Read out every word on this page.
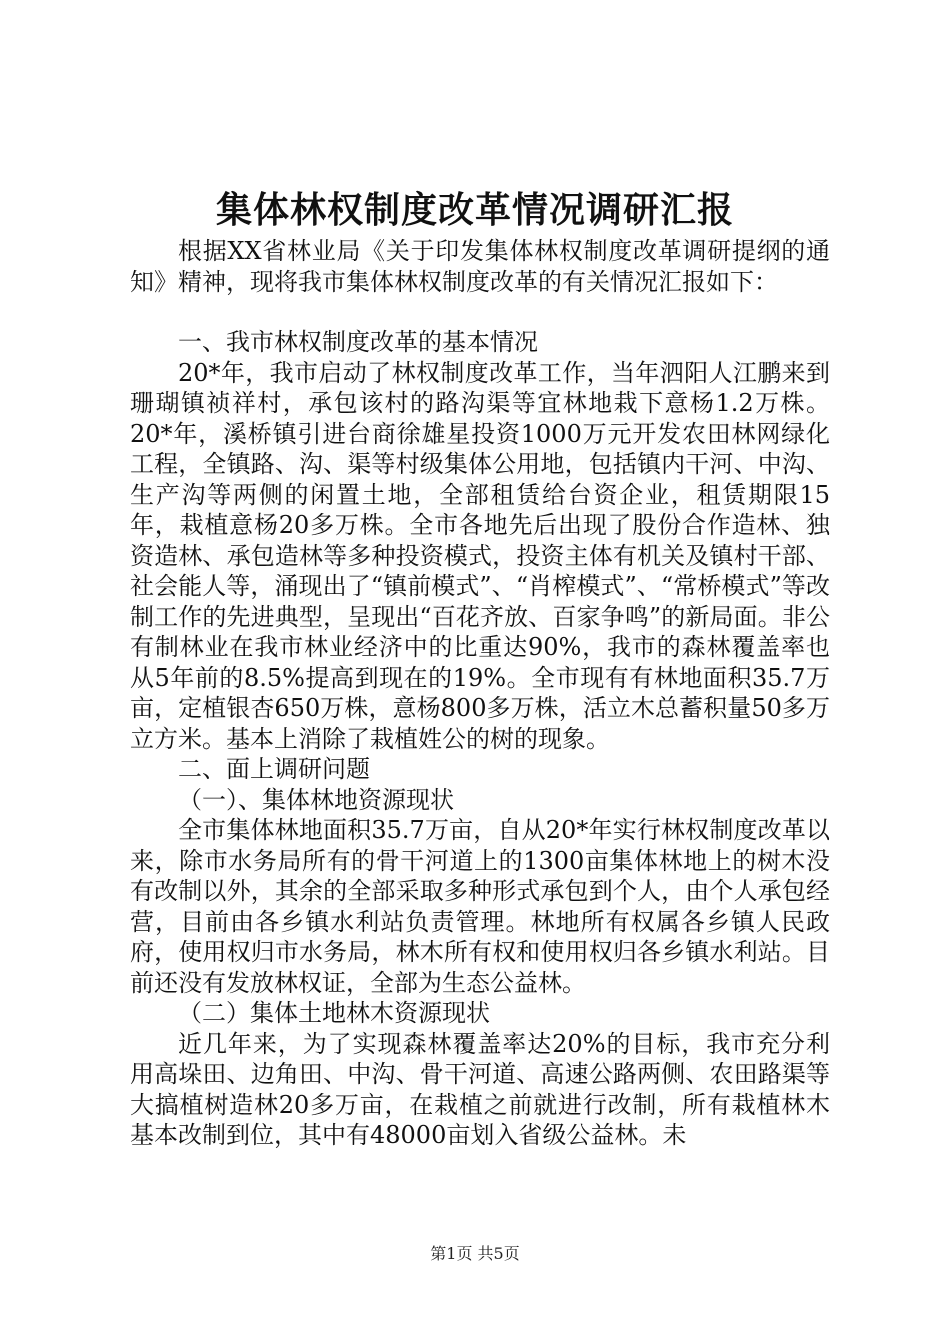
集体林权制度改革情况调研汇报

根据XX省林业局《关于印发集体林权制度改革调研提纲的通知》精神，现将我市集体林权制度改革的有关情况汇报如下：

一、我市林权制度改革的基本情况

20*年，我市启动了林权制度改革工作，当年泗阳人江鹏来到珊瑚镇祯祥村，承包该村的路沟渠等宜林地栽下意杨1.2万株。20*年，溪桥镇引进台商徐雄星投资1000万元开发农田林网绿化工程，全镇路、沟、渠等村级集体公用地，包括镇内干河、中沟、生产沟等两侧的闲置土地，全部租赁给台资企业，租赁期限15年，栽植意杨20多万株。全市各地先后出现了股份合作造林、独资造林、承包造林等多种投资模式，投资主体有机关及镇村干部、社会能人等，涌现出了“镇前模式”、“肖榨模式”、“常桥模式”等改制工作的先进典型，呈现出“百花齐放、百家争鸣”的新局面。非公有制林业在我市林业经济中的比重达90%，我市的森林覆盖率也从5年前的8.5%提高到现在的19%。全市现有有林地面积35.7万亩，定植银杏650万株，意杨800多万株，活立木总蓄积量50多万立方米。基本上消除了栽植姓公的树的现象。

二、面上调研问题

（一）、集体林地资源现状

全市集体林地面积35.7万亩，自从20*年实行林权制度改革以来，除市水务局所有的骨干河道上的1300亩集体林地上的树木没有改制以外，其余的全部采取多种形式承包到个人，由个人承包经营，目前由各乡镇水利站负责管理。林地所有权属各乡镇人民政府，使用权归市水务局，林木所有权和使用权归各乡镇水利站。目前还没有发放林权证，全部为生态公益林。

（二）集体土地林木资源现状

近几年来，为了实现森林覆盖率达20%的目标，我市充分利用高垛田、边角田、中沟、骨干河道、高速公路两侧、农田路渠等大搞植树造林20多万亩，在栽植之前就进行改制，所有栽植林木基本改制到位，其中有48000亩划入省级公益林。未

第1页 共5页
